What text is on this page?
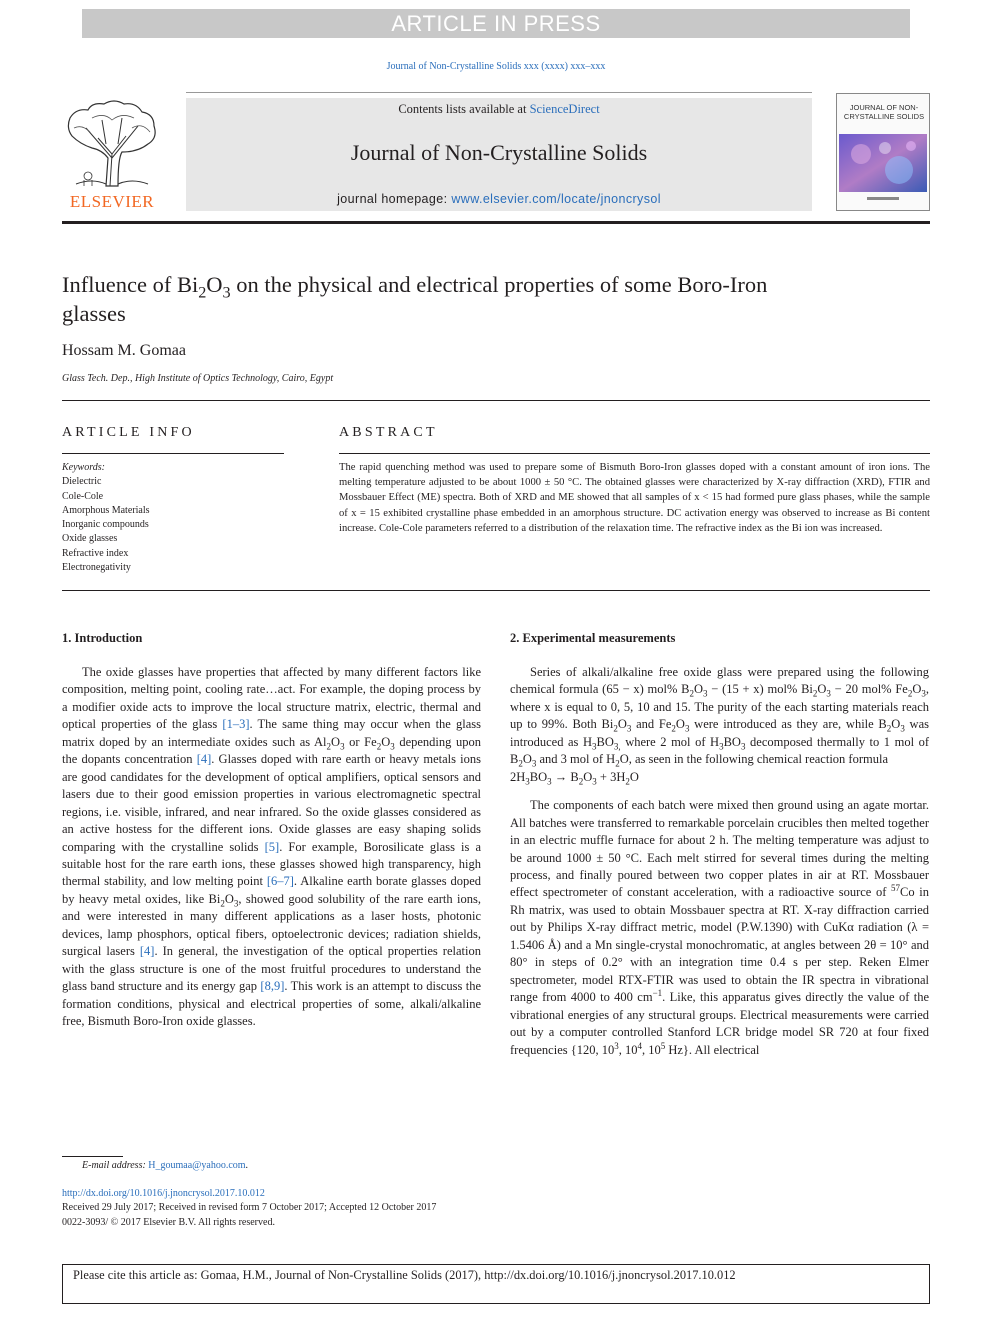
ARTICLE IN PRESS
Journal of Non-Crystalline Solids xxx (xxxx) xxx–xxx
ELSEVIER
Contents lists available at ScienceDirect
Journal of Non-Crystalline Solids
journal homepage: www.elsevier.com/locate/jnoncrysol
JOURNAL OF NON-CRYSTALLINE SOLIDS
Influence of $Bi_2O_3$ on the physical and electrical properties of some Boro-Iron glasses
Hossam M. Gomaa
Glass Tech. Dep., High Institute of Optics Technology, Cairo, Egypt
ARTICLE INFO
Keywords:
Dielectric
Cole-Cole
Amorphous Materials
Inorganic compounds
Oxide glasses
Refractive index
Electronegativity
ABSTRACT
The rapid quenching method was used to prepare some of Bismuth Boro-Iron glasses doped with a constant amount of iron ions. The melting temperature adjusted to be about 1000 ± 50 °C. The obtained glasses were characterized by X-ray diffraction (XRD), FTIR and Mossbauer Effect (ME) spectra. Both of XRD and ME showed that all samples of x < 15 had formed pure glass phases, while the sample of x = 15 exhibited crystalline phase embedded in an amorphous structure. DC activation energy was observed to increase as Bi content increase. Cole-Cole parameters referred to a distribution of the relaxation time. The refractive index as the Bi ion was increased.
1. Introduction	2. Experimental measurements

The oxide glasses have properties that affected by many different factors like composition, melting point, cooling rate…act. For example, the doping process by a modifier oxide acts to improve the local structure matrix, electric, thermal and optical properties of the glass [1–3]. The same thing may occur when the glass matrix doped by an intermediate oxides such as $Al_2O_3$ or $Fe_2O_3$ depending upon the dopants concentration [4]. Glasses doped with rare earth or heavy metals ions are good candidates for the development of optical amplifiers, optical sensors and lasers due to their good emission properties in various electromagnetic spectral regions, i.e. visible, infrared, and near infrared. So the oxide glasses considered as an active hostess for the different ions. Oxide glasses are easy shaping solids comparing with the crystalline solids [5]. For example, Borosilicate glass is a suitable host for the rare earth ions, these glasses showed high transparency, high thermal stability, and low melting point [6–7]. Alkaline earth borate glasses doped by heavy metal oxides, like $Bi_2O_3$, showed good solubility of the rare earth ions, and were interested in many different applications as a laser hosts, photonic devices, lamp phosphors, optical fibers, optoelectronic devices; radiation shields, surgical lasers [4]. In general, the investigation of the optical properties relation with the glass structure is one of the most fruitful procedures to understand the glass band structure and its energy gap [8,9]. This work is an attempt to discuss the formation conditions, physical and electrical properties of some, alkali/alkaline free, Bismuth Boro-Iron oxide glasses.

Series of alkali/alkaline free oxide glass were prepared using the following chemical formula (65 − x) mol% $B_2O_3 - (15 + x)$ mol% $Bi_2O_3 - 20$ mol% $Fe_2O_3$, where x is equal to 0, 5, 10 and 15. The purity of the each starting materials reach up to 99%. Both $Bi_2O_3$ and $Fe_2O_3$ were introduced as they are, while $B_2O_3$ was introduced as $H_3BO_{3,}$ where 2 mol of $H_3BO_3$ decomposed thermally to 1 mol of $B_2O_3$ and 3 mol of $H_2O$, as seen in the following chemical reaction formula

$2H_3BO_3 \to B_2O_3 + 3H_2O$

The components of each batch were mixed then ground using an agate mortar. All batches were transferred to remarkable porcelain crucibles then melted together in an electric muffle furnace for about 2 h. The melting temperature was adjust to be around 1000 ± 50 °C. Each melt stirred for several times during the melting process, and finally poured between two copper plates in air at RT. Mossbauer effect spectrometer of constant acceleration, with a radioactive source of $^{57}$Co in Rh matrix, was used to obtain Mossbauer spectra at RT. X-ray diffraction carried out by Philips X-ray diffract metric, model (P.W.1390) with CuKα radiation (λ = 1.5406 Å) and a Mn single-crystal monochromatic, at angles between 2θ = 10° and 80° in steps of 0.2° with an integration time 0.4 s per step. Reken Elmer spectrometer, model RTX-FTIR was used to obtain the IR spectra in vibrational range from 4000 to 400 $cm^{-1}$. Like, this apparatus gives directly the value of the vibrational energies of any structural groups. Electrical measurements were carried out by a computer controlled Stanford LCR bridge model SR 720 at four fixed frequencies {120, $10^3$, $10^4$, $10^5$ Hz}. All electrical

E-mail address: H_goumaa@yahoo.com.
http://dx.doi.org/10.1016/j.jnoncrysol.2017.10.012
Received 29 July 2017; Received in revised form 7 October 2017; Accepted 12 October 2017
0022-3093/ © 2017 Elsevier B.V. All rights reserved.
Please cite this article as: Gomaa, H.M., Journal of Non-Crystalline Solids (2017), http://dx.doi.org/10.1016/j.jnoncrysol.2017.10.012
